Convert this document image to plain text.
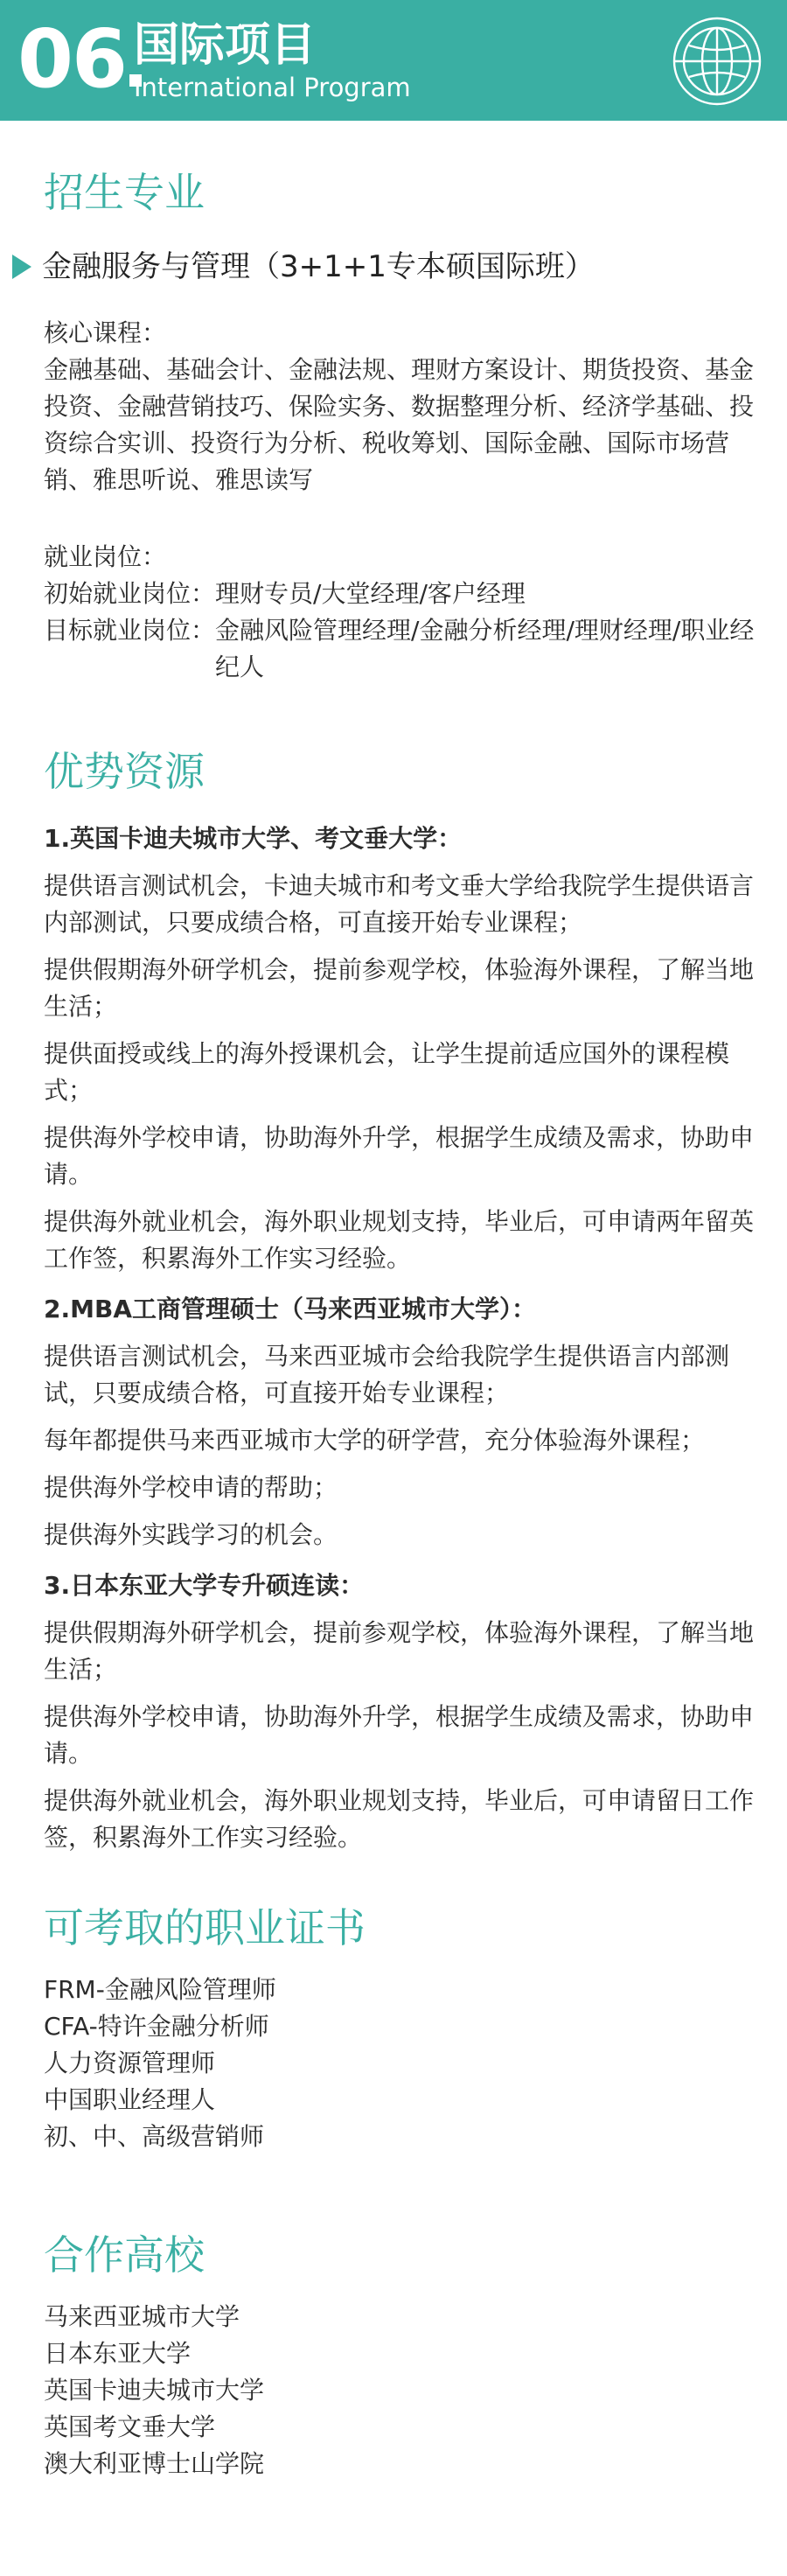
06 国际项目
International Program
招生专业
金融服务与管理（3+1+1专本硕国际班）
核心课程：
金融基础、基础会计、金融法规、理财方案设计、期货投资、基金投资、金融营销技巧、保险实务、数据整理分析、经济学基础、投资综合实训、投资行为分析、税收筹划、国际金融、国际市场营销、雅思听说、雅思读写
就业岗位：
初始就业岗位： 理财专员/大堂经理/客户经理
目标就业岗位： 金融风险管理经理/金融分析经理/理财经理/职业经纪人
优势资源
1.英国卡迪夫城市大学、考文垂大学：
提供语言测试机会，卡迪夫城市和考文垂大学给我院学生提供语言内部测试，只要成绩合格，可直接开始专业课程；
提供假期海外研学机会，提前参观学校，体验海外课程，了解当地生活；
提供面授或线上的海外授课机会，让学生提前适应国外的课程模式；
提供海外学校申请，协助海外升学，根据学生成绩及需求，协助申请。
提供海外就业机会，海外职业规划支持，毕业后，可申请两年留英工作签，积累海外工作实习经验。
2.MBA工商管理硕士（马来西亚城市大学）：
提供语言测试机会，马来西亚城市会给我院学生提供语言内部测试，只要成绩合格，可直接开始专业课程；
每年都提供马来西亚城市大学的研学营，充分体验海外课程；
提供海外学校申请的帮助；
提供海外实践学习的机会。
3.日本东亚大学专升硕连读：
提供假期海外研学机会，提前参观学校，体验海外课程，了解当地生活；
提供海外学校申请，协助海外升学，根据学生成绩及需求，协助申请。
提供海外就业机会，海外职业规划支持，毕业后，可申请留日工作签，积累海外工作实习经验。
可考取的职业证书
FRM-金融风险管理师
CFA-特许金融分析师
人力资源管理师
中国职业经理人
初、中、高级营销师
合作高校
马来西亚城市大学
日本东亚大学
英国卡迪夫城市大学
英国考文垂大学
澳大利亚博士山学院
